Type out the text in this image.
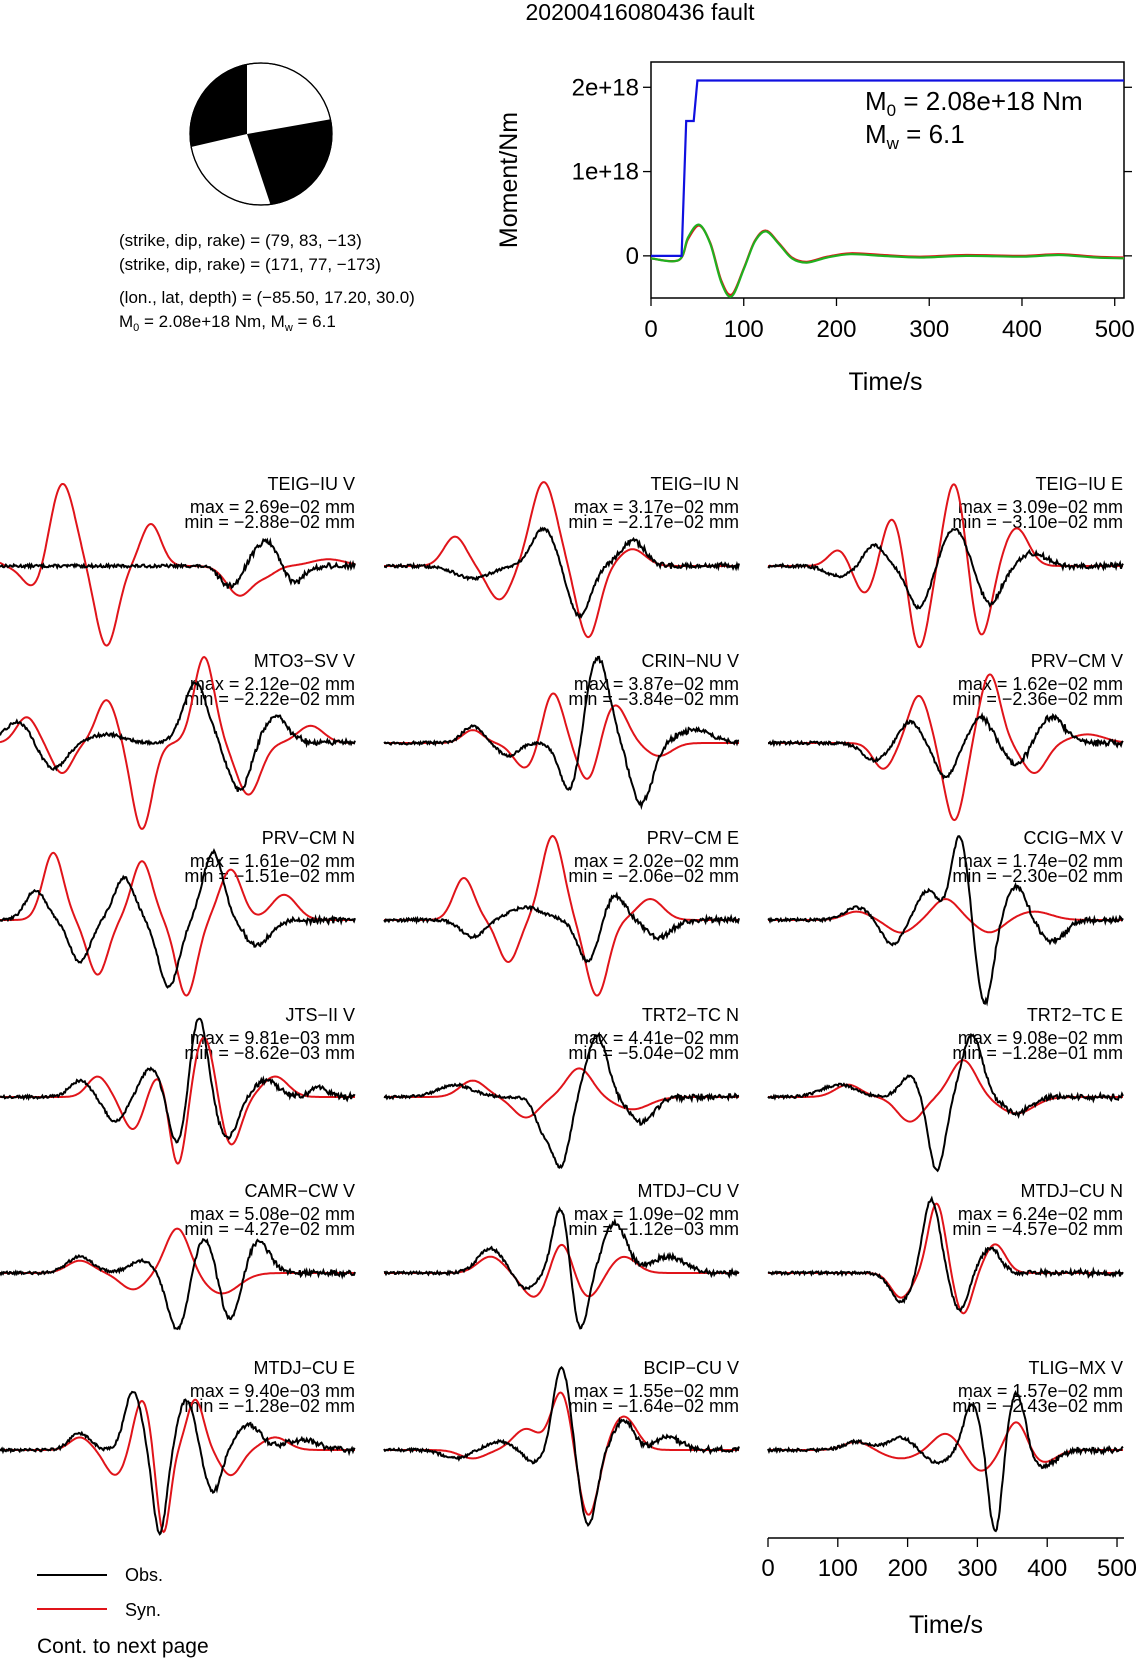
20200416080436 fault
(strike, dip, rake) = (79, 83, −13)
(strike, dip, rake) = (171, 77, −173)
(lon., lat, depth) = (−85.50, 17.20, 30.0)
$M_0 = 2.08e+18$ Nm, $M_w = 6.1$	0	100 200 300 400 500
0
1e+18
2e+18
Time/s
Moment/Nm
$M_0 = 2.08e+18$ Nm
$M_w = 6.1$
TEIG−IU V
max = 2.69e−02 mm
min = −2.88e−02 mm
TEIG−IU N
max = 3.17e−02 mm
min = −2.17e−02 mm
TEIG−IU E
max = 3.09e−02 mm
min = −3.10e−02 mm
MTO3−SV V
max = 2.12e−02 mm
min = −2.22e−02 mm
CRIN−NU V
max = 3.87e−02 mm
min = −3.84e−02 mm
PRV−CM V
max = 1.62e−02 mm
min = −2.36e−02 mm
PRV−CM N
max = 1.61e−02 mm
min = −1.51e−02 mm
PRV−CM E
max = 2.02e−02 mm
min = −2.06e−02 mm
CCIG−MX V
max = 1.74e−02 mm
min = −2.30e−02 mm
JTS−II V
max = 9.81e−03 mm
min = −8.62e−03 mm
TRT2−TC N
max = 4.41e−02 mm
min = −5.04e−02 mm
TRT2−TC E
max = 9.08e−02 mm
min = −1.28e−01 mm
CAMR−CW V
max = 5.08e−02 mm
min = −4.27e−02 mm
MTDJ−CU V
max = 1.09e−02 mm
min = −1.12e−03 mm
MTDJ−CU N
max = 6.24e−02 mm
min = −4.57e−02 mm
MTDJ−CU E
max = 9.40e−03 mm
min = −1.28e−02 mm
BCIP−CU V
max = 1.55e−02 mm
min = −1.64e−02 mm
TLIG−MX V
max = 1.57e−02 mm
min = −2.43e−02 mm
0 100 200 300 400 500
Time/s
Obs.
Syn.
Cont. to next page
